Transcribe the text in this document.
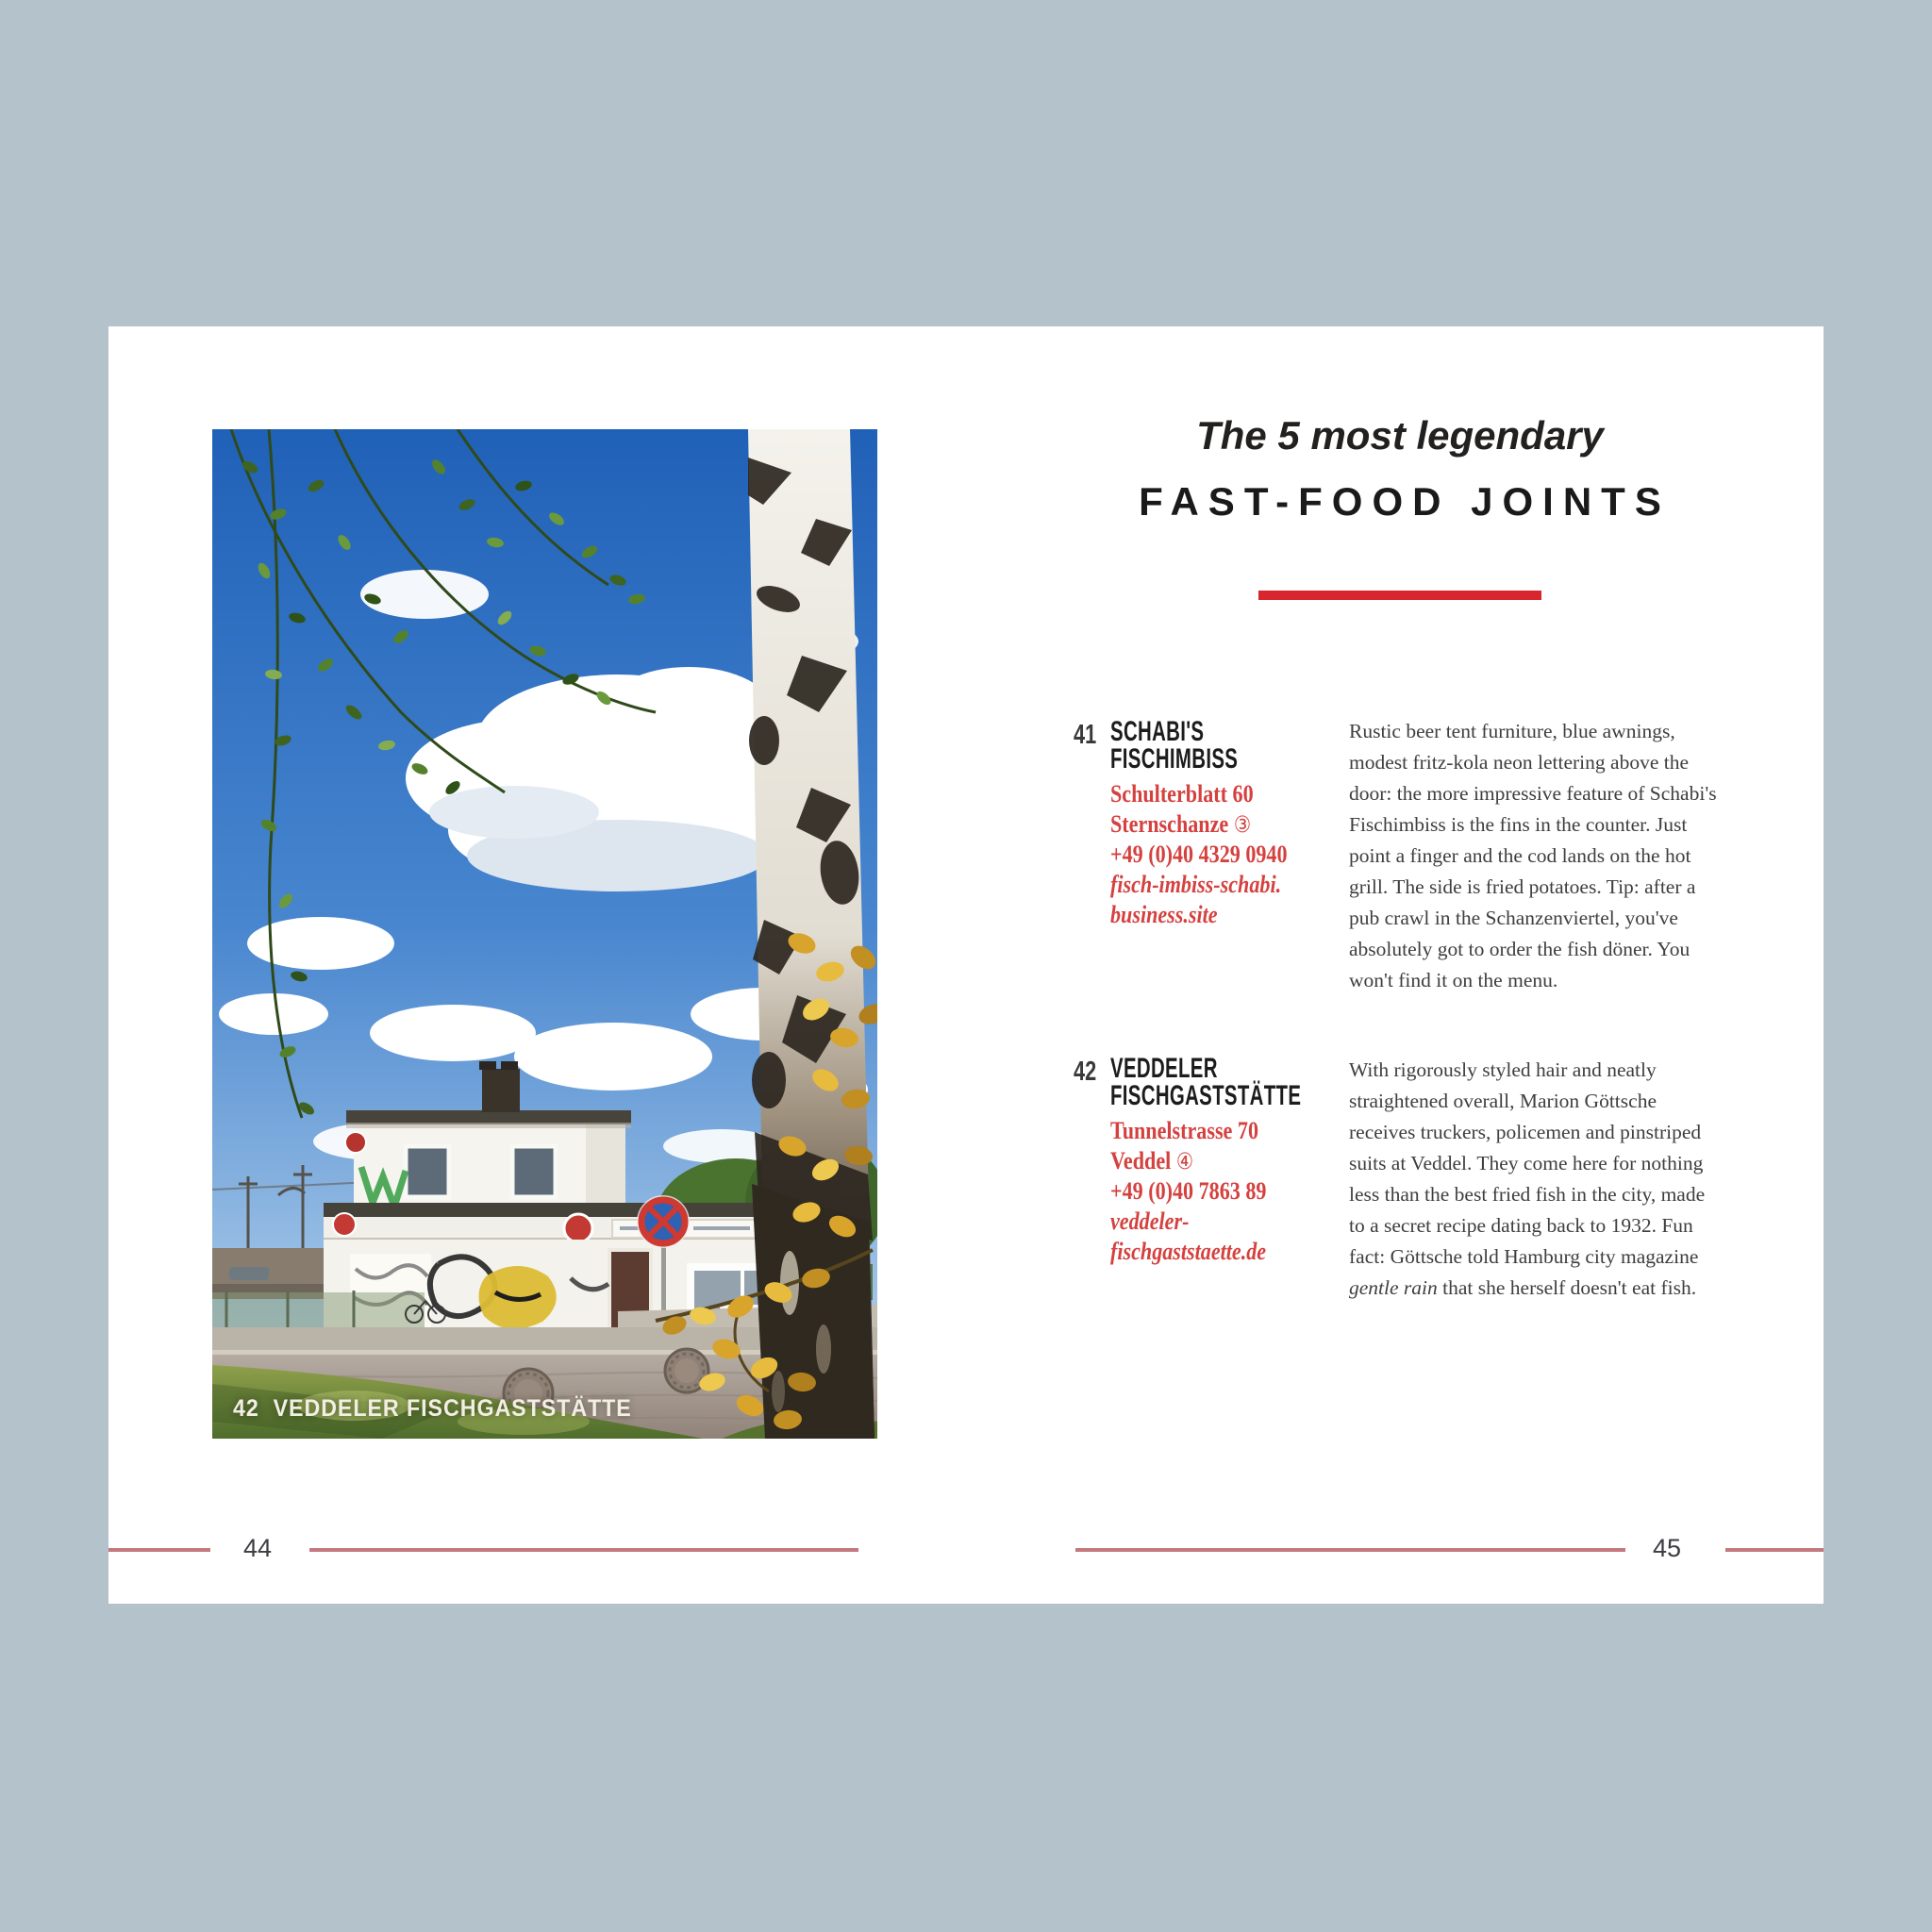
42 VEDDELER FISCHGASTSTÄTTE
The 5 most legendary
FAST-FOOD JOINTS
41 SCHABI'S
FISCHIMBISS
Schulterblatt 60
Sternschanze ③
+49 (0)40 4329 0940
fisch-imbiss-schabi.
business.site
Rustic beer tent furniture, blue awnings, modest fritz-kola neon lettering above the door: the more impressive feature of Schabi's Fischimbiss is the fins in the counter. Just point a finger and the cod lands on the hot grill. The side is fried potatoes. Tip: after a pub crawl in the Schanzenviertel, you've absolutely got to order the fish döner. You won't find it on the menu.
42 VEDDELER
FISCHGASTSTÄTTE
Tunnelstrasse 70
Veddel ④
+49 (0)40 7863 89
veddeler-
fischgaststaette.de
With rigorously styled hair and neatly straightened overall, Marion Göttsche receives truckers, policemen and pinstriped suits at Veddel. They come here for nothing less than the best fried fish in the city, made to a secret recipe dating back to 1932. Fun fact: Göttsche told Hamburg city magazine gentle rain that she herself doesn't eat fish.
44	45
